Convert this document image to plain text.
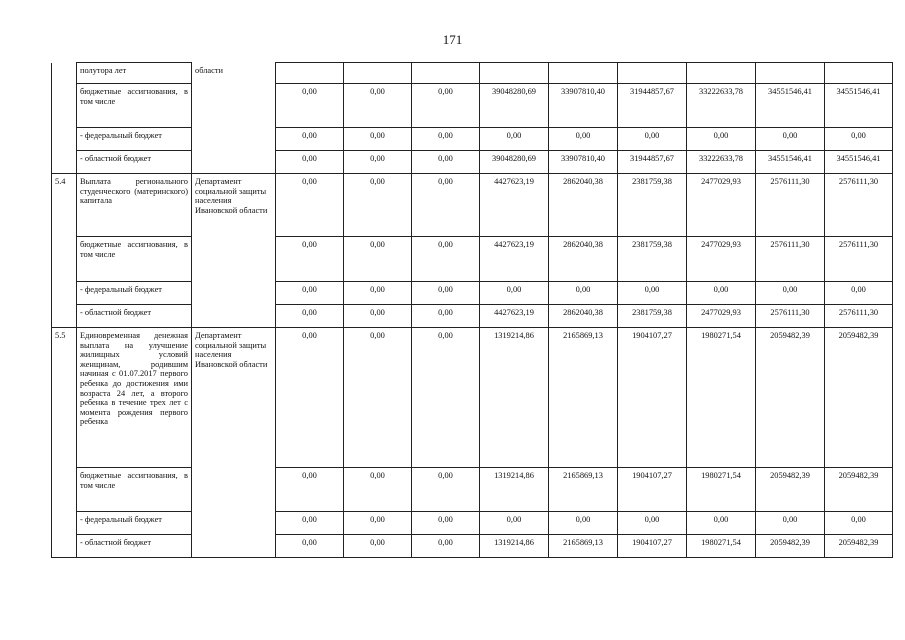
171
	полутора лет	области									
	бюджетные ассигнования, в том числе		0,00	0,00	0,00	39048280,69	33907810,40	31944857,67	33222633,78	34551546,41	34551546,41
	- федеральный бюджет		0,00	0,00	0,00	0,00	0,00	0,00	0,00	0,00	0,00
	- областной бюджет		0,00	0,00	0,00	39048280,69	33907810,40	31944857,67	33222633,78	34551546,41	34551546,41
5.4	Выплата регионального студенческого (материнского) капитала	Департамент социальной защиты населения Ивановской области	0,00	0,00	0,00	4427623,19	2862040,38	2381759,38	2477029,93	2576111,30	2576111,30
	бюджетные ассигнования, в том числе		0,00	0,00	0,00	4427623,19	2862040,38	2381759,38	2477029,93	2576111,30	2576111,30
	- федеральный бюджет		0,00	0,00	0,00	0,00	0,00	0,00	0,00	0,00	0,00
	- областной бюджет		0,00	0,00	0,00	4427623,19	2862040,38	2381759,38	2477029,93	2576111,30	2576111,30
5.5	Единовременная денежная выплата на улучшение жилищных условий женщинам, родившим начиная с 01.07.2017 первого ребенка до достижения ими возраста 24 лет, а второго ребенка в течение трех лет с момента рождения первого ребенка	Департамент социальной защиты населения Ивановской области	0,00	0,00	0,00	1319214,86	2165869,13	1904107,27	1980271,54	2059482,39	2059482,39
	бюджетные ассигнования, в том числе		0,00	0,00	0,00	1319214,86	2165869,13	1904107,27	1980271,54	2059482,39	2059482,39
	- федеральный бюджет		0,00	0,00	0,00	0,00	0,00	0,00	0,00	0,00	0,00
	- областной бюджет		0,00	0,00	0,00	1319214,86	2165869,13	1904107,27	1980271,54	2059482,39	2059482,39
